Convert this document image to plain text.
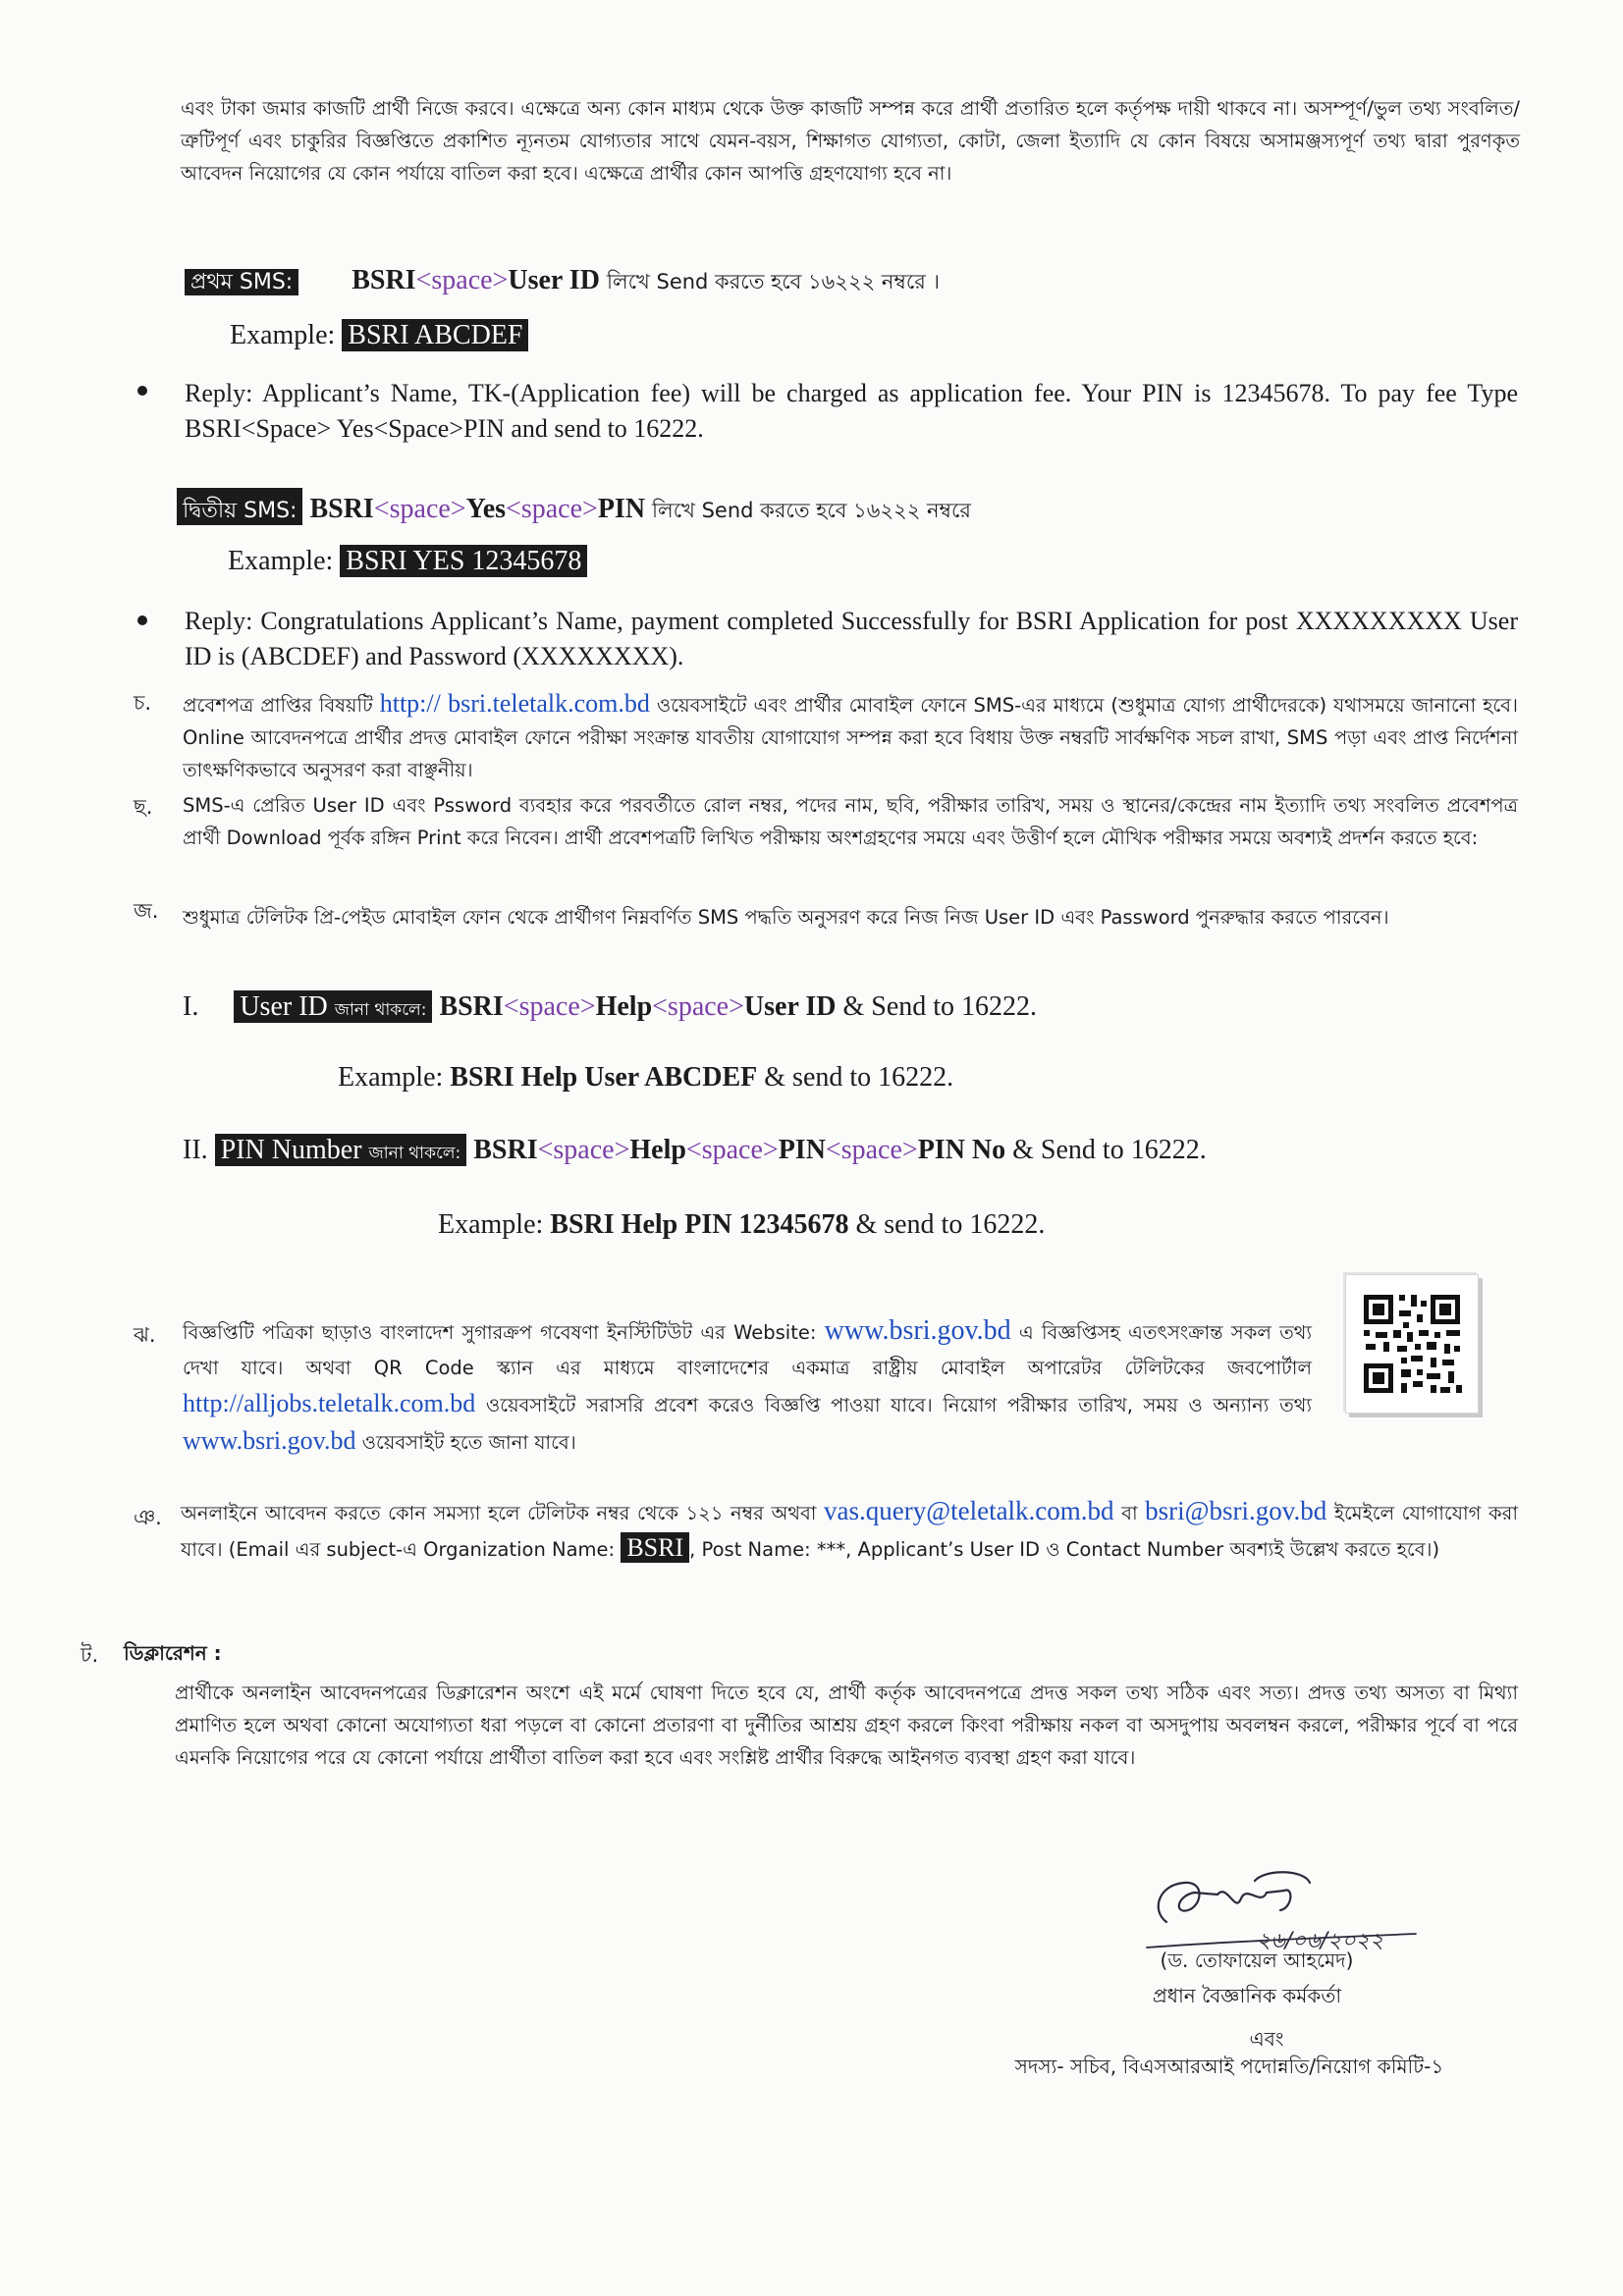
এবং টাকা জমার কাজটি প্রার্থী নিজে করবে। এক্ষেত্রে অন্য কোন মাধ্যম থেকে উক্ত কাজটি সম্পন্ন করে প্রার্থী প্রতারিত হলে কর্তৃপক্ষ দায়ী থাকবে না। অসম্পূর্ণ/ভুল তথ্য সংবলিত/ত্রুটিপূর্ণ এবং চাকুরির বিজ্ঞপ্তিতে প্রকাশিত ন্যূনতম যোগ্যতার সাথে যেমন-বয়স, শিক্ষাগত যোগ্যতা, কোটা, জেলা ইত্যাদি যে কোন বিষয়ে অসামঞ্জস্যপূর্ণ তথ্য দ্বারা পুরণকৃত আবেদন নিয়োগের যে কোন পর্যায়ে বাতিল করা হবে। এক্ষেত্রে প্রার্থীর কোন আপত্তি গ্রহণযোগ্য হবে না।
প্রথম SMS: BSRI<space>User ID লিখে Send করতে হবে ১৬২২২ নম্বরে ।
Example: BSRI ABCDEF
Reply: Applicant’s Name, TK-(Application fee) will be charged as application fee. Your PIN is 12345678. To pay fee Type BSRI<Space> Yes<Space>PIN and send to 16222.
দ্বিতীয় SMS: BSRI<space>Yes<space>PIN লিখে Send করতে হবে ১৬২২২ নম্বরে
Example: BSRI YES 12345678
Reply: Congratulations Applicant’s Name, payment completed Successfully for BSRI Application for post XXXXXXXXX User ID is (ABCDEF) and Password (XXXXXXXX).
চ. প্রবেশপত্র প্রাপ্তির বিষয়টি http:// bsri.teletalk.com.bd ওয়েবসাইটে এবং প্রার্থীর মোবাইল ফোনে SMS-এর মাধ্যমে (শুধুমাত্র যোগ্য প্রার্থীদেরকে) যথাসময়ে জানানো হবে। Online আবেদনপত্রে প্রার্থীর প্রদত্ত মোবাইল ফোনে পরীক্ষা সংক্রান্ত যাবতীয় যোগাযোগ সম্পন্ন করা হবে বিধায় উক্ত নম্বরটি সার্বক্ষণিক সচল রাখা, SMS পড়া এবং প্রাপ্ত নির্দেশনা তাৎক্ষণিকভাবে অনুসরণ করা বাঞ্ছনীয়।
ছ. SMS-এ প্রেরিত User ID এবং Pssword ব্যবহার করে পরবর্তীতে রোল নম্বর, পদের নাম, ছবি, পরীক্ষার তারিখ, সময় ও স্থানের/কেন্দ্রের নাম ইত্যাদি তথ্য সংবলিত প্রবেশপত্র প্রার্থী Download পূর্বক রঙ্গিন Print করে নিবেন। প্রার্থী প্রবেশপত্রটি লিখিত পরীক্ষায় অংশগ্রহণের সময়ে এবং উত্তীর্ণ হলে মৌখিক পরীক্ষার সময়ে অবশ্যই প্রদর্শন করতে হবে:
জ. শুধুমাত্র টেলিটক প্রি-পেইড মোবাইল ফোন থেকে প্রার্থীগণ নিম্নবর্ণিত SMS পদ্ধতি অনুসরণ করে নিজ নিজ User ID এবং Password পুনরুদ্ধার করতে পারবেন।
I. User ID জানা থাকলে: BSRI<space>Help<space>User ID & Send to 16222.
Example: BSRI Help User ABCDEF & send to 16222.
II. PIN Number জানা থাকলে: BSRI<space>Help<space>PIN<space>PIN No & Send to 16222.
Example: BSRI Help PIN 12345678 & send to 16222.
ঝ. বিজ্ঞপ্তিটি পত্রিকা ছাড়াও বাংলাদেশ সুগারক্রপ গবেষণা ইনস্টিটিউট এর Website: www.bsri.gov.bd এ বিজ্ঞপ্তিসহ এতৎসংক্রান্ত সকল তথ্য দেখা যাবে। অথবা QR Code স্ক্যান এর মাধ্যমে বাংলাদেশের একমাত্র রাষ্ট্রীয় মোবাইল অপারেটর টেলিটকের জবপোর্টাল http://alljobs.teletalk.com.bd ওয়েবসাইটে সরাসরি প্রবেশ করেও বিজ্ঞপ্তি পাওয়া যাবে। নিয়োগ পরীক্ষার তারিখ, সময় ও অন্যান্য তথ্য www.bsri.gov.bd ওয়েবসাইট হতে জানা যাবে।
ঞ. অনলাইনে আবেদন করতে কোন সমস্যা হলে টেলিটক নম্বর থেকে ১২১ নম্বর অথবা vas.query@teletalk.com.bd বা bsri@bsri.gov.bd ইমেইলে যোগাযোগ করা যাবে। (Email এর subject-এ Organization Name: BSRI , Post Name: ***, Applicant’s User ID ও Contact Number অবশ্যই উল্লেখ করতে হবে।)
ট. ডিক্লারেশন :
প্রার্থীকে অনলাইন আবেদনপত্রের ডিক্লারেশন অংশে এই মর্মে ঘোষণা দিতে হবে যে, প্রার্থী কর্তৃক আবেদনপত্রে প্রদত্ত সকল তথ্য সঠিক এবং সত্য। প্রদত্ত তথ্য অসত্য বা মিথ্যা প্রমাণিত হলে অথবা কোনো অযোগ্যতা ধরা পড়লে বা কোনো প্রতারণা বা দুর্নীতির আশ্রয় গ্রহণ করলে কিংবা পরীক্ষায় নকল বা অসদুপায় অবলম্বন করলে, পরীক্ষার পূর্বে বা পরে এমনকি নিয়োগের পরে যে কোনো পর্যায়ে প্রার্থীতা বাতিল করা হবে এবং সংশ্লিষ্ট প্রার্থীর বিরুদ্ধে আইনগত ব্যবস্থা গ্রহণ করা যাবে।
২৬/০৬/২০২২
(ড. তোফায়েল আহমেদ)
প্রধান বৈজ্ঞানিক কর্মকর্তা
এবং
সদস্য- সচিব, বিএসআরআই পদোন্নতি/নিয়োগ কমিটি-১
